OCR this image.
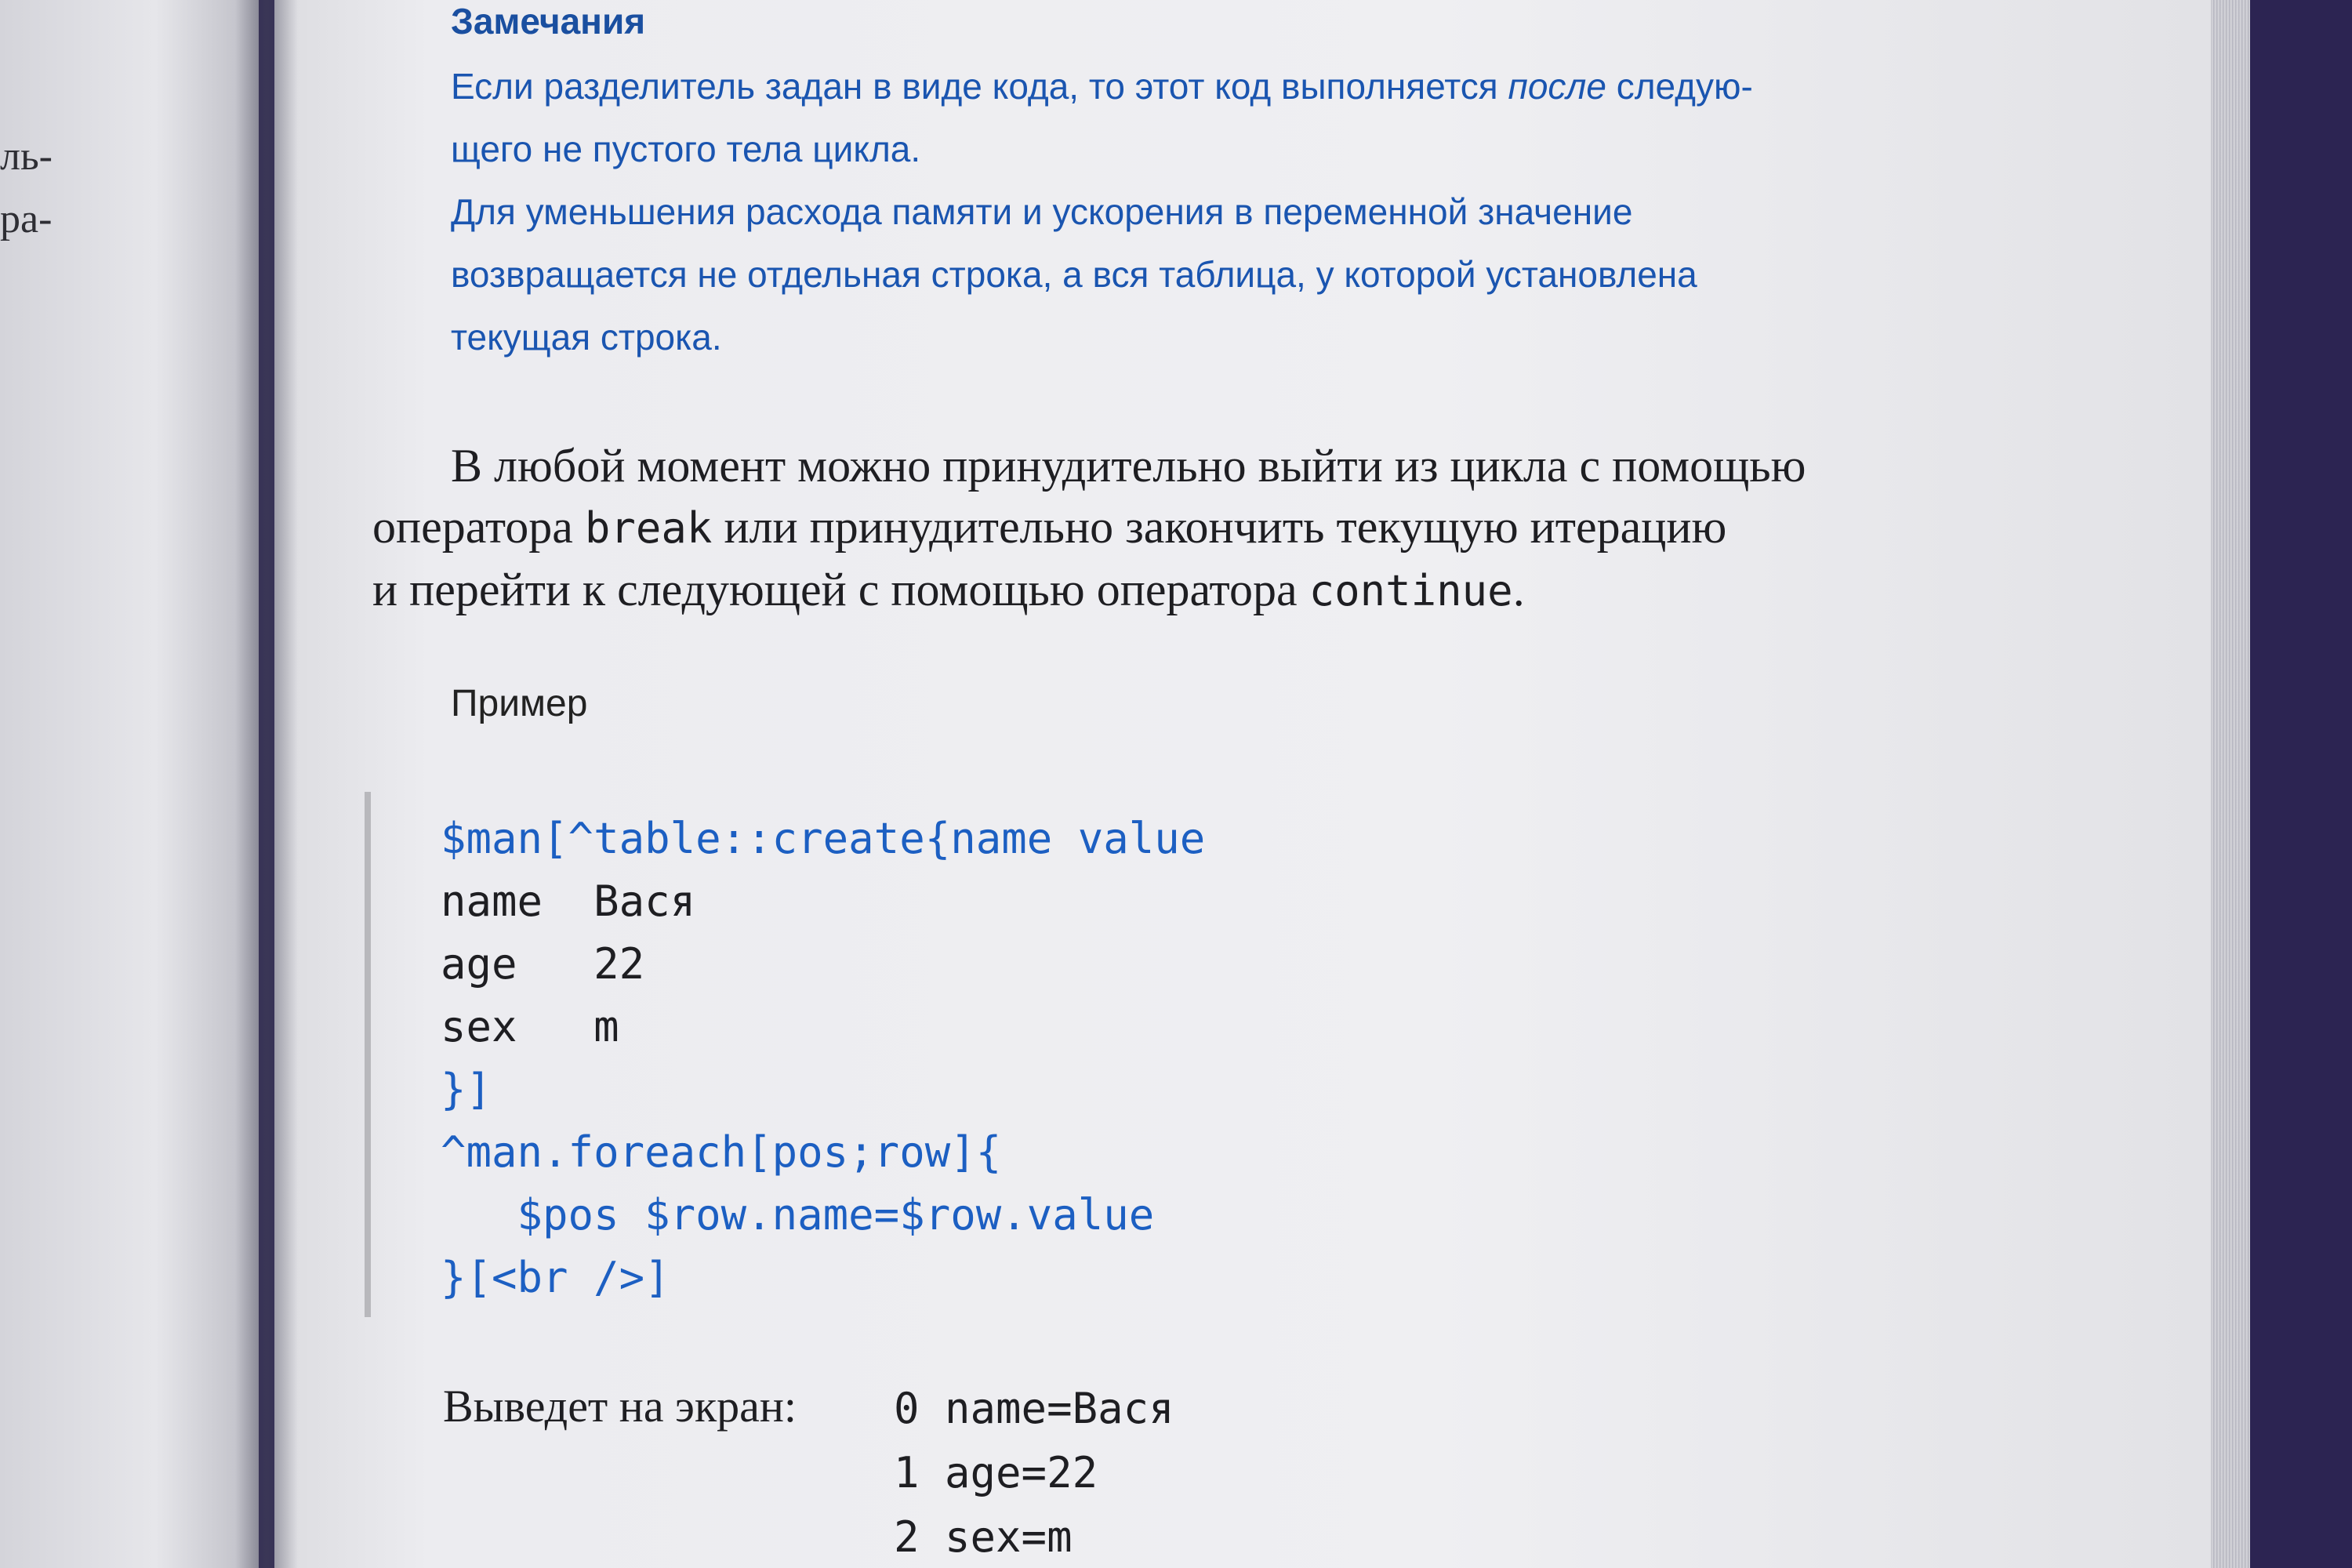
ль-
ра-
Замечания
Если разделитель задан в виде кода, то этот код выполняется после следую-
щего не пустого тела цикла.
Для уменьшения расхода памяти и ускорения в переменной значение
возвращается не отдельная строка, а вся таблица, у которой установлена
текущая строка.
В любой момент можно принудительно выйти из цикла с помощью
оператора break или принудительно закончить текущую итерацию
и перейти к следующей с помощью оператора continue.
Пример
$man[^table::create{name value
name  Вася
age   22
sex   m
}]
^man.foreach[pos;row]{
$pos $row.name=$row.value
}[<br />]
Выведет на экран: 0 name=Вася
1 age=22
2 sex=m
